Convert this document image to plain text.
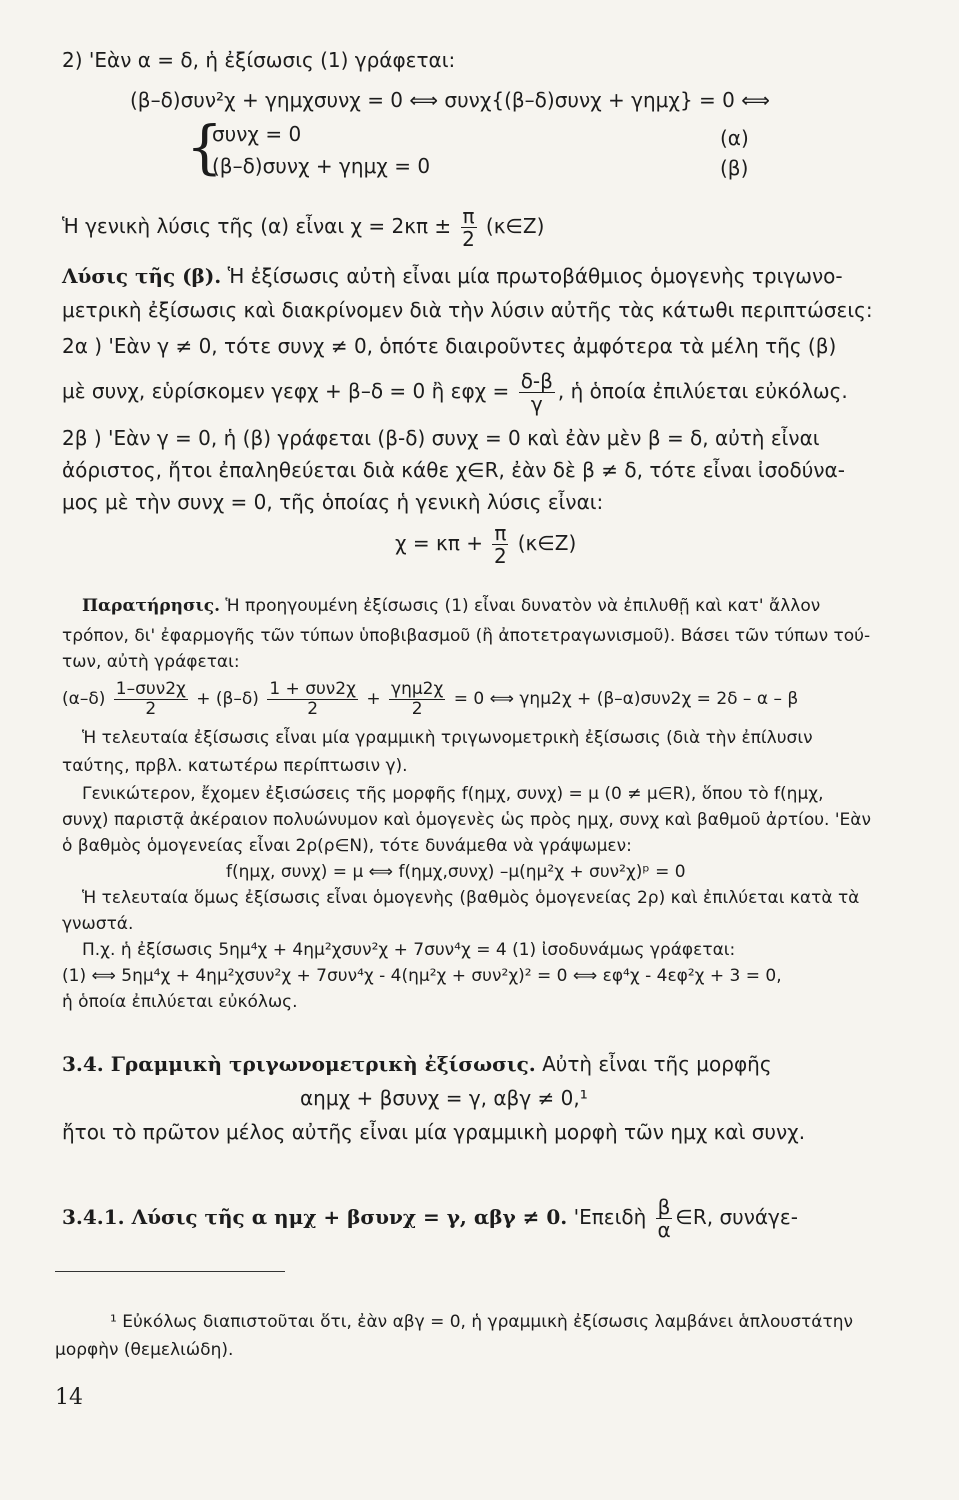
2) 'Εὰν α = δ, ἡ ἐξίσωσις (1) γράφεται:
(β–δ)συν²χ + γημχσυνχ = 0 ⟺ συνχ{(β–δ)συνχ + γημχ} = 0 ⟺
{
συνχ = 0	(α)
(β–δ)συνχ + γημχ = 0	(β)
Ἡ γενικὴ λύσις τῆς (α) εἶναι $\chi = 2\kappa\pi \pm \frac{\pi}{2}$ (κ∈Ζ)
Λύσις τῆς (β). Ἡ ἐξίσωσις αὐτὴ εἶναι μία πρωτοβάθμιος ὁμογενὴς τριγωνο-
μετρικὴ ἐξίσωσις καὶ διακρίνομεν διὰ τὴν λύσιν αὐτῆς τὰς κάτωθι περιπτώσεις:
2α ) 'Εὰν γ ≠ 0, τότε συνχ ≠ 0, ὁπότε διαιροῦντες ἀμφότερα τὰ μέλη τῆς (β)
μὲ συνχ, εὑρίσκομεν γεφχ + β–δ = 0 ἢ $\varepsilon\varphi\chi = \frac{\delta-\beta}{\gamma}$ , ἡ ὁποία ἐπιλύεται εὐκόλως.
2β ) 'Εὰν γ = 0, ἡ (β) γράφεται (β-δ) συνχ = 0 καὶ ἐὰν μὲν β = δ, αὐτὴ εἶναι
ἀόριστος, ἤτοι ἐπαληθεύεται διὰ κάθε χ∈R, ἐὰν δὲ β ≠ δ, τότε εἶναι ἰσοδύνα-
μος μὲ τὴν συνχ = 0, τῆς ὁποίας ἡ γενικὴ λύσις εἶναι:
$\chi = \kappa\pi + \frac{\pi}{2}$ (κ∈Ζ)
Παρατήρησις. Ἡ προηγουμένη ἐξίσωσις (1) εἶναι δυνατὸν νὰ ἐπιλυθῇ καὶ κατ' ἄλλον
τρόπον, δι' ἐφαρμογῆς τῶν τύπων ὑποβιβασμοῦ (ἢ ἀποτετραγωνισμοῦ). Βάσει τῶν τύπων τού-
των, αὐτὴ γράφεται:
$(\alpha-\delta) \frac{\text{1–συν2χ}}{2} + (\beta-\delta) \frac{\text{1 + συν2χ}}{2} + \frac{\text{γημ2χ}}{2} = 0$ ⟺ γημ2χ + (β–α)συν2χ = 2δ – α – β
Ἡ τελευταία ἐξίσωσις εἶναι μία γραμμικὴ τριγωνομετρικὴ ἐξίσωσις (διὰ τὴν ἐπίλυσιν
ταύτης, πρβλ. κατωτέρω περίπτωσιν γ).
Γενικώτερον, ἔχομεν ἐξισώσεις τῆς μορφῆς f(ημχ, συνχ) = μ (0 ≠ μ∈R), ὅπου τὸ f(ημχ,
συνχ) παριστᾷ ἀκέραιον πολυώνυμον καὶ ὁμογενὲς ὡς πρὸς ημχ, συνχ καὶ βαθμοῦ ἀρτίου. 'Εὰν
ὁ βαθμὸς ὁμογενείας εἶναι 2ρ(ρ∈N), τότε δυνάμεθα νὰ γράψωμεν:
f(ημχ, συνχ) = μ ⟺ f(ημχ,συνχ) –μ(ημ²χ + συν²χ)ᵖ = 0
Ἡ τελευταία ὅμως ἐξίσωσις εἶναι ὁμογενὴς (βαθμὸς ὁμογενείας 2ρ) καὶ ἐπιλύεται κατὰ τὰ
γνωστά.
Π.χ. ἡ ἐξίσωσις 5ημ⁴χ + 4ημ²χσυν²χ + 7συν⁴χ = 4 (1) ἰσοδυνάμως γράφεται:
(1) ⟺ 5ημ⁴χ + 4ημ²χσυν²χ + 7συν⁴χ - 4(ημ²χ + συν²χ)² = 0 ⟺ εφ⁴χ - 4εφ²χ + 3 = 0,
ἡ ὁποία ἐπιλύεται εὐκόλως.
3.4. Γραμμικὴ τριγωνομετρικὴ ἐξίσωσις. Αὐτὴ εἶναι τῆς μορφῆς
αημχ + βσυνχ = γ, αβγ ≠ 0,¹
ἤτοι τὸ πρῶτον μέλος αὐτῆς εἶναι μία γραμμικὴ μορφὴ τῶν ημχ καὶ συνχ.
3.4.1. Λύσις τῆς α ημχ + βσυνχ = γ, αβγ ≠ 0. 'Επειδὴ $\frac{\beta}{\alpha}$ ∈R, συνάγε-
¹ Εὐκόλως διαπιστοῦται ὅτι, ἐὰν αβγ = 0, ἡ γραμμικὴ ἐξίσωσις λαμβάνει ἁπλουστάτην
μορφὴν (θεμελιώδη).
14
